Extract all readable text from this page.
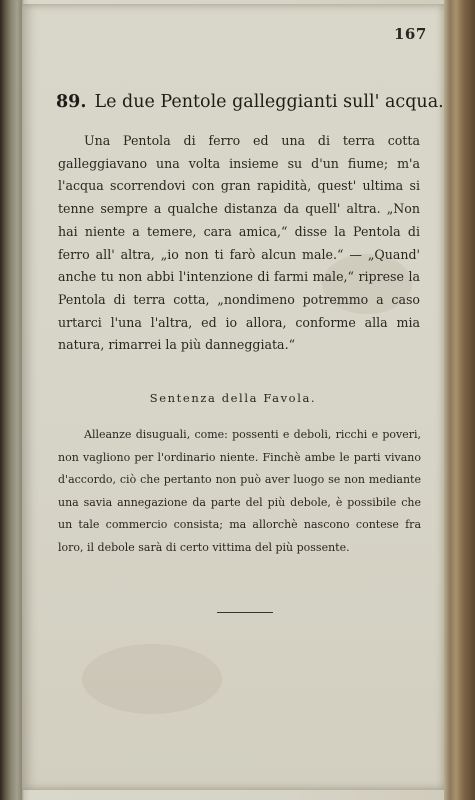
167
89. Le due Pentole galleggianti sull' acqua.

Una Pentola di ferro ed una di terra cotta galleggiavano una volta insieme su d'un fiume; m'a l'acqua scorrendovi con gran rapidità, quest' ultima si tenne sempre a qualche distanza da quell' altra. „Non hai niente a temere, cara amica,“ disse la Pentola di ferro all' altra, „io non ti farò alcun male.“ — „Quand' anche tu non abbi l'intenzione di farmi male,“ riprese la Pentola di terra cotta, „nondimeno potremmo a caso urtarci l'una l'altra, ed io allora, conforme alla mia natura, rimarrei la più danneggiata.“

Sentenza della Favola.

Alleanze disuguali, come: possenti e deboli, ricchi e poveri, non vagliono per l'ordinario niente. Finchè ambe le parti vivano d'accordo, ciò che pertanto non può aver luogo se non mediante una savia annegazione da parte del più debole, è possibile che un tale commercio consista; ma allorchè nascono contese fra loro, il debole sarà di certo vittima del più possente.
